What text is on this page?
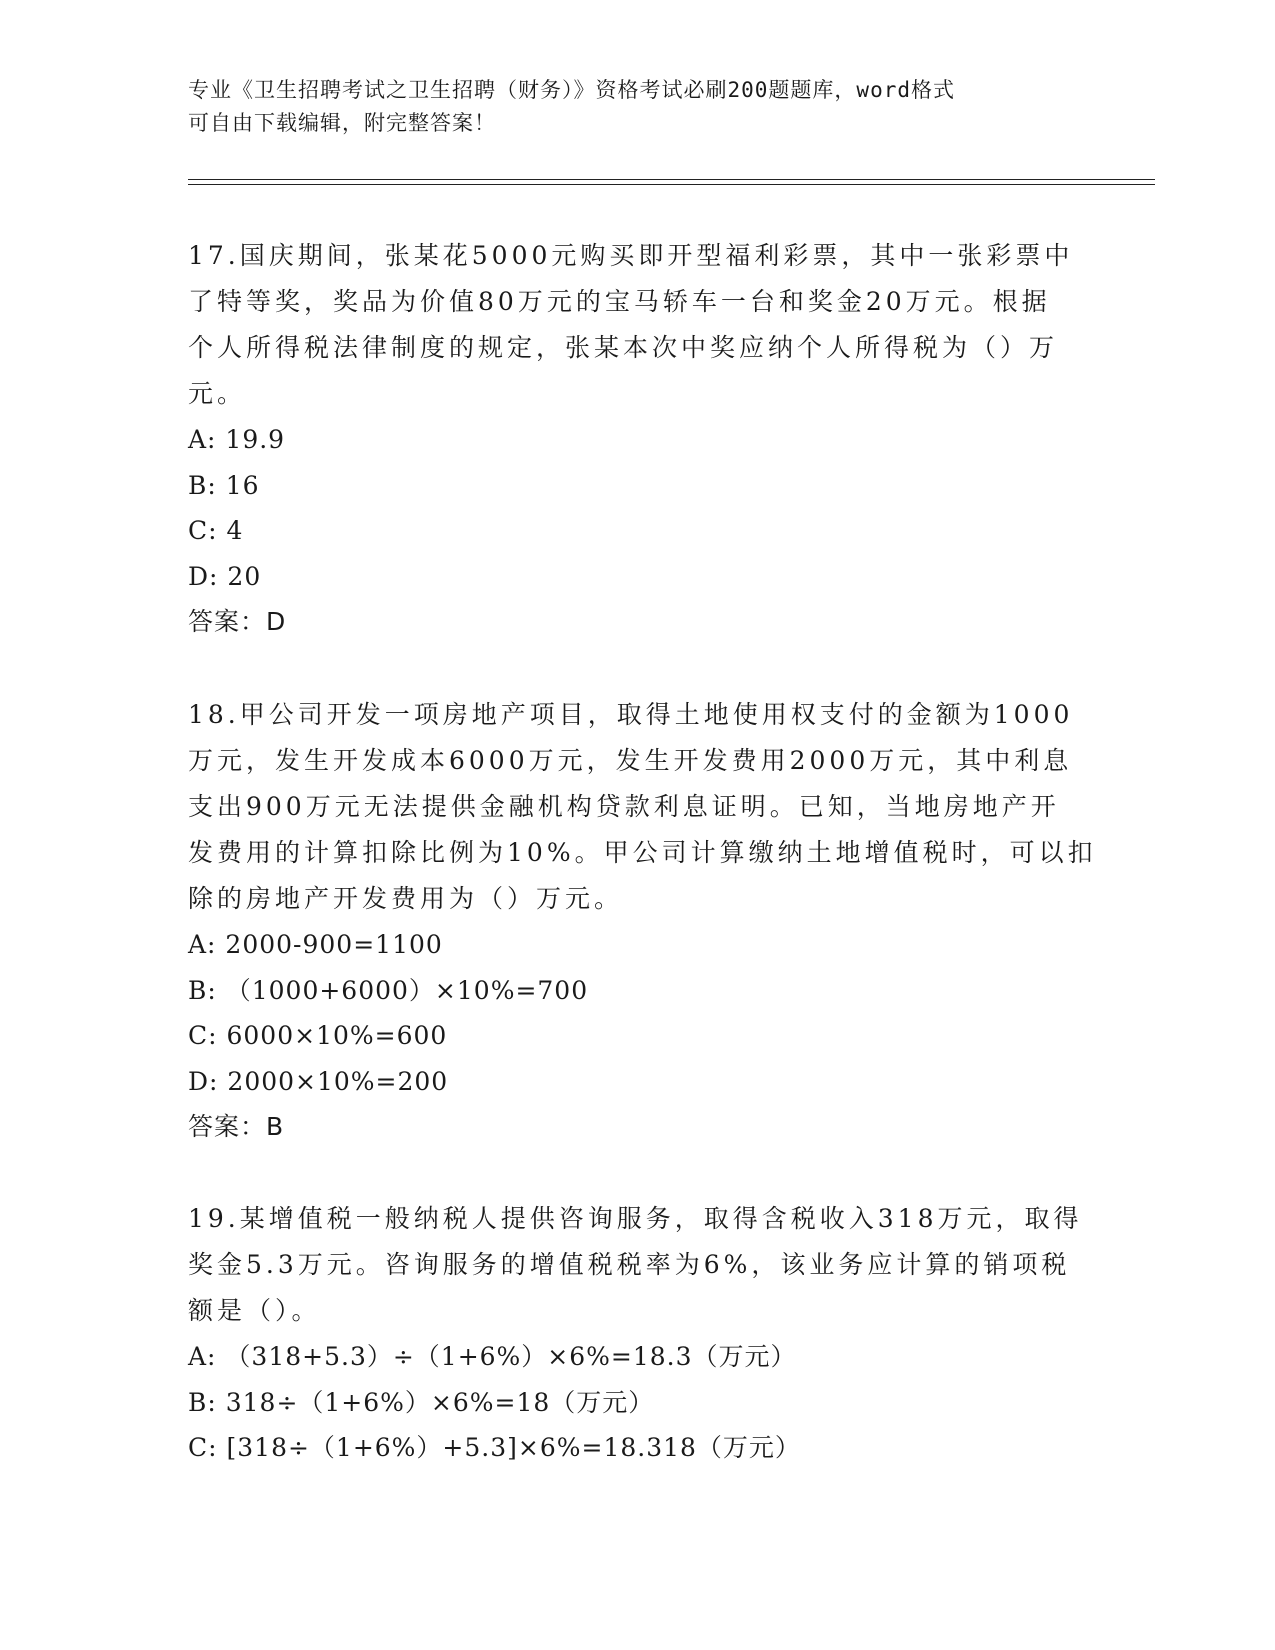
专业《卫生招聘考试之卫生招聘（财务）》资格考试必刷200题题库，word格式
可自由下载编辑，附完整答案！
17.国庆期间，张某花5000元购买即开型福利彩票，其中一张彩票中
了特等奖，奖品为价值80万元的宝马轿车一台和奖金20万元。根据
个人所得税法律制度的规定，张某本次中奖应纳个人所得税为（）万
元。
A: 19.9
B: 16
C: 4
D: 20
答案：D
18.甲公司开发一项房地产项目，取得土地使用权支付的金额为1000
万元，发生开发成本6000万元，发生开发费用2000万元，其中利息
支出900万元无法提供金融机构贷款利息证明。已知，当地房地产开
发费用的计算扣除比例为10%。甲公司计算缴纳土地增值税时，可以扣
除的房地产开发费用为（）万元。
A: 2000-900=1100
B: （1000+6000）×10%=700
C: 6000×10%=600
D: 2000×10%=200
答案：B
19.某增值税一般纳税人提供咨询服务，取得含税收入318万元，取得
奖金5.3万元。咨询服务的增值税税率为6%，该业务应计算的销项税
额是（）。
A: （318+5.3）÷（1+6%）×6%=18.3（万元）
B: 318÷（1+6%）×6%=18（万元）
C: [318÷（1+6%）+5.3]×6%=18.318（万元）
